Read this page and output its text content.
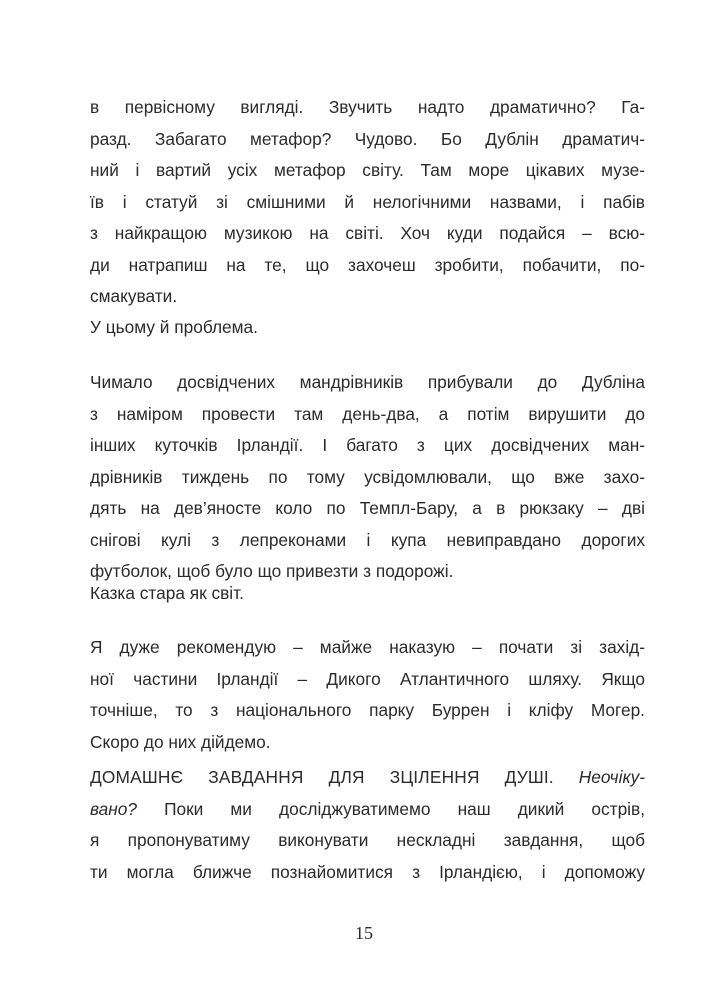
в первісному вигляді. Звучить надто драматично? Га-
разд. Забагато метафор? Чудово. Бо Дублін драматич-
ний і вартий усіх метафор світу. Там море цікавих музе-
їв і статуй зі смішними й нелогічними назвами, і пабів
з найкращою музикою на світі. Хоч куди подайся – всю-
ди натрапиш на те, що захочеш зробити, побачити, по-
смакувати.
У цьому й проблема.
Чимало досвідчених мандрівників прибували до Дубліна
з наміром провести там день-два, а потім вирушити до
інших куточків Ірландії. І багато з цих досвідчених ман-
дрівників тиждень по тому усвідомлювали, що вже захо-
дять на дев’яносте коло по Темпл-Бару, а в рюкзаку – дві
снігові кулі з лепреконами і купа невиправдано дорогих
футболок, щоб було що привезти з подорожі.
Казка стара як світ.
Я дуже рекомендую – майже наказую – почати зі захід-
ної частини Ірландії – Дикого Атлантичного шляху. Якщо
точніше, то з національного парку Буррен і кліфу Могер.
Скоро до них дійдемо.
ДОМАШНЄ ЗАВДАННЯ ДЛЯ ЗЦІЛЕННЯ ДУШІ. Неочіку-
вано? Поки ми досліджуватимемо наш дикий острів,
я пропонуватиму виконувати нескладні завдання, щоб
ти могла ближче познайомитися з Ірландією, і допоможу
15
